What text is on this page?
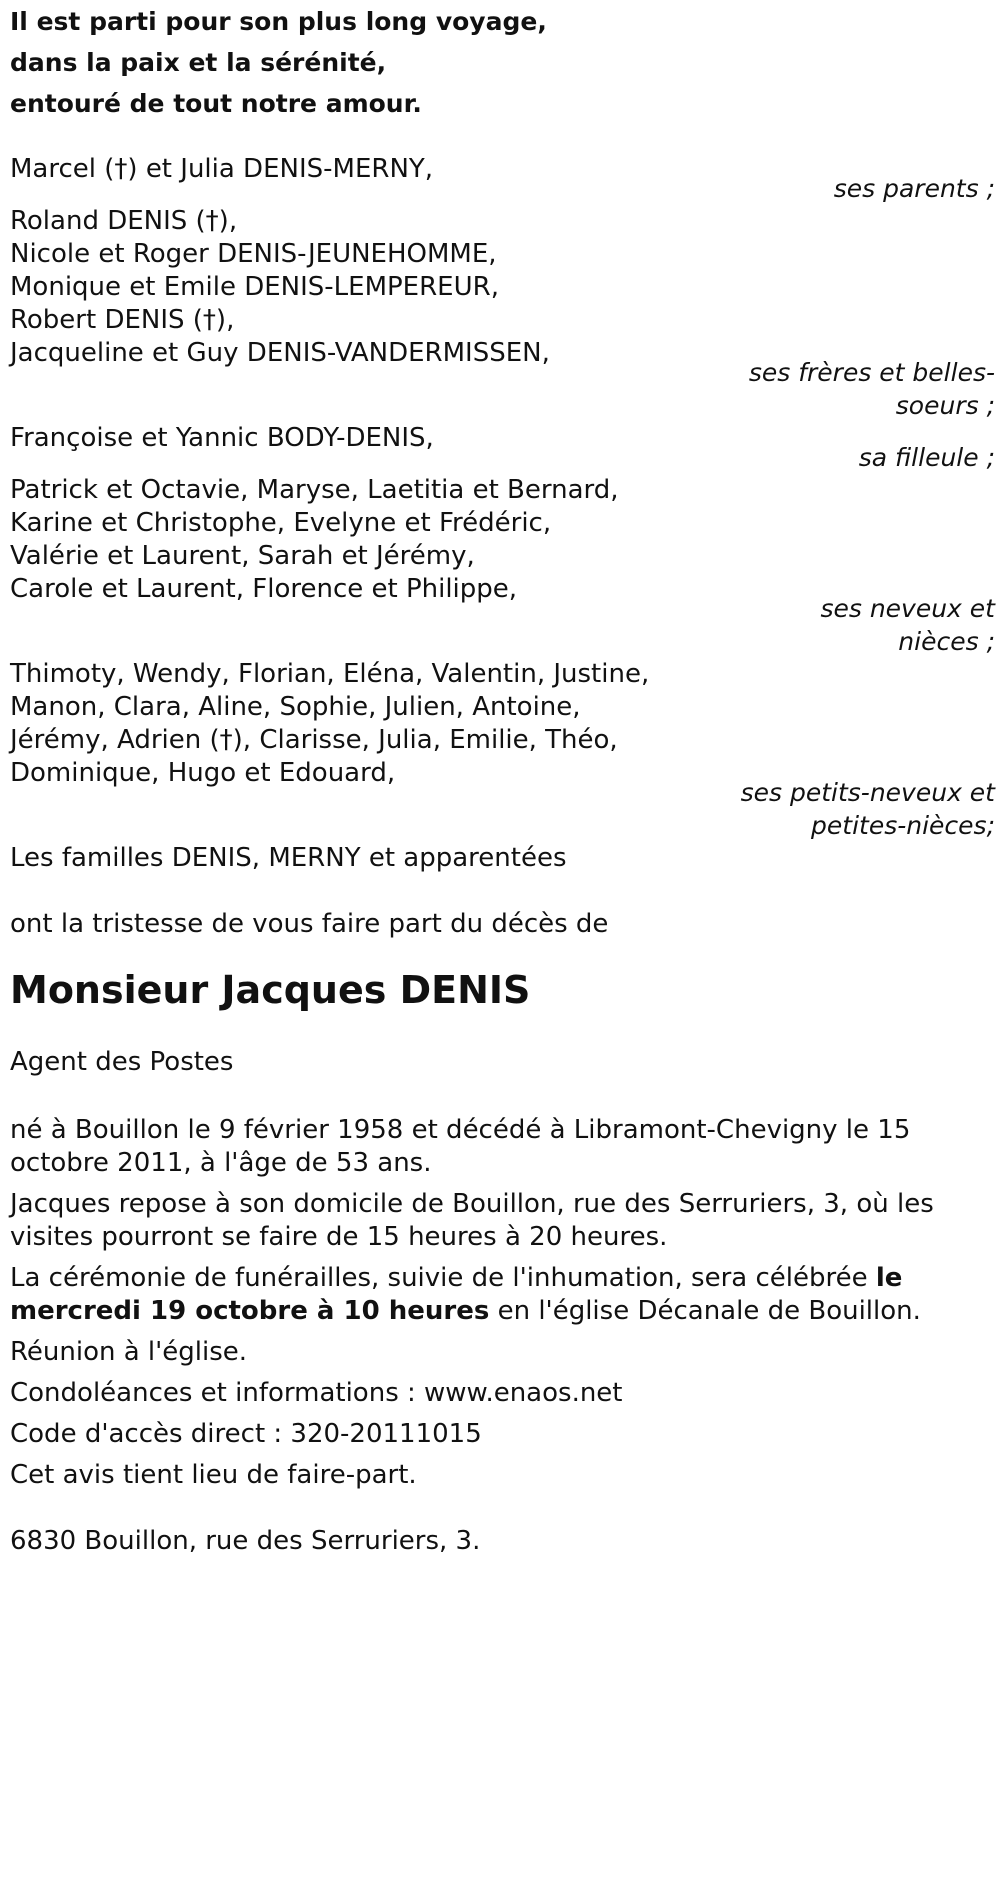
Il est parti pour son plus long voyage,
dans la paix et la sérénité,
entouré de tout notre amour.
Marcel (†) et Julia DENIS-MERNY,
ses parents ;
Roland DENIS (†),
Nicole et Roger DENIS-JEUNEHOMME,
Monique et Emile DENIS-LEMPEREUR,
Robert DENIS (†),
Jacqueline et Guy DENIS-VANDERMISSEN,
ses frères et belles-
soeurs ;
Françoise et Yannic BODY-DENIS,
sa filleule ;
Patrick et Octavie, Maryse, Laetitia et Bernard,
Karine et Christophe, Evelyne et Frédéric,
Valérie et Laurent, Sarah et Jérémy,
Carole et Laurent, Florence et Philippe,
ses neveux et
nièces ;
Thimoty, Wendy, Florian, Eléna, Valentin, Justine,
Manon, Clara, Aline, Sophie, Julien, Antoine,
Jérémy, Adrien (†), Clarisse, Julia, Emilie, Théo,
Dominique, Hugo et Edouard,
ses petits-neveux et
petites-nièces;
Les familles DENIS, MERNY et apparentées
ont la tristesse de vous faire part du décès de
Monsieur Jacques DENIS
Agent des Postes
né à Bouillon le 9 février 1958 et décédé à Libramont-Chevigny le 15
octobre 2011, à l'âge de 53 ans.
Jacques repose à son domicile de Bouillon, rue des Serruriers, 3, où les
visites pourront se faire de 15 heures à 20 heures.
La cérémonie de funérailles, suivie de l'inhumation, sera célébrée le
mercredi 19 octobre à 10 heures en l'église Décanale de Bouillon.
Réunion à l'église.
Condoléances et informations : www.enaos.net
Code d'accès direct : 320-20111015
Cet avis tient lieu de faire-part.
6830 Bouillon, rue des Serruriers, 3.
